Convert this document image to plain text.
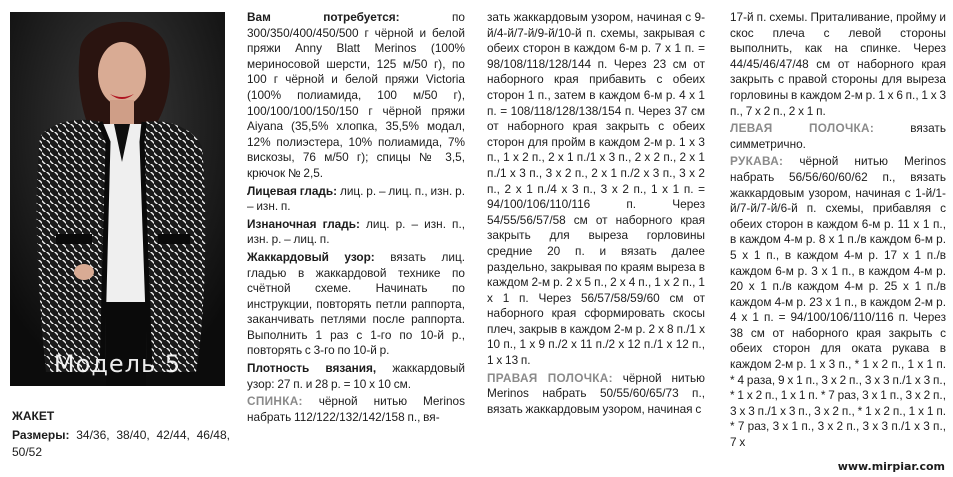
Модель 5

ЖАКЕТ

Размеры: 34/36, 38/40, 42/44, 46/48, 50/52

Вам потребуется:	по 300/350/400/450/500 г чёрной и белой пряжи Anny Blatt Merinos (100% мериносовой шерсти, 125 м/50 г), по 100 г чёрной и белой пряжи Victoria (100% полиамида, 100 м/50 г), 100/100/100/150/150 г чёрной пряжи Aiyana (35,5% хлопка, 35,5% модал, 12% полиэстера, 10% полиамида, 7% вискозы, 76 м/50 г); спицы № 3,5, крючок № 2,5.

Лицевая гладь: лиц. р. – лиц. п., изн. р. – изн. п.

Изнаночная гладь: лиц. р. – изн. п., изн. р. – лиц. п.

Жаккардовый узор: вязать лиц. гладью в жаккардовой технике по счётной схеме. Начинать по инструкции, повторять петли раппорта, заканчивать петлями после раппорта. Выполнить 1 раз с 1-го по 10-й р., повторять с 3-го по 10-й р.

Плотность вязания, жаккардовый узор: 27 п. и 28 р. = 10 х 10 см.

СПИНКА: чёрной нитью Merinos набрать 112/122/132/142/158 п., вя-

зать жаккардовым узором, начиная с 9-й/4-й/7-й/9-й/10-й п. схемы, закрывая с обеих сторон в каждом 6-м р. 7 х 1 п. = 98/108/118/128/144 п. Через 23 см от наборного края прибавить с обеих сторон 1 п., затем в каждом 6-м р. 4 х 1 п. = 108/118/128/138/154 п. Через 37 см от наборного края закрыть с обеих сторон для пройм в каждом 2-м р. 1 х 3 п., 1 х 2 п., 2 х 1 п./1 х 3 п., 2 х 2 п., 2 х 1 п./1 х 3 п., 3 х 2 п., 2 х 1 п./2 х 3 п., 3 х 2 п., 2 х 1 п./4 х 3 п., 3 х 2 п., 1 х 1 п. = 94/100/106/110/116 п. Через 54/55/56/57/58 см от наборного края закрыть для выреза горловины средние 20 п. и вязать далее раздельно, закрывая по краям выреза в каждом 2-м р. 2 х 5 п., 2 х 4 п., 1 х 2 п., 1 х 1 п. Через 56/57/58/59/60 см от наборного края сформировать скосы плеч, закрыв в каждом 2-м р. 2 х 8 п./1 х 10 п., 1 х 9 п./2 х 11 п./2 х 12 п./1 х 12 п., 1 х 13 п.

ПРАВАЯ ПОЛОЧКА: чёрной нитью Merinos набрать 50/55/60/65/73 п., вязать жаккардовым узором, начиная с

17-й п. схемы. Приталивание, пройму и скос плеча с левой стороны выполнить, как на спинке. Через 44/45/46/47/48 см от наборного края закрыть с правой стороны для выреза горловины в каждом 2-м р. 1 х 6 п., 1 х 3 п., 7 х 2 п., 2 х 1 п.

ЛЕВАЯ ПОЛОЧКА:	вязать симметрично.

РУКАВА: чёрной нитью Merinos набрать 56/56/60/60/62 п., вязать жаккардовым узором, начиная с 1-й/1-й/7-й/7-й/6-й п. схемы, прибавляя с обеих сторон в каждом 6-м р. 11 х 1 п., в каждом 4-м р. 8 х 1 п./в каждом 6-м р. 5 х 1 п., в каждом 4-м р. 17 х 1 п./в каждом 6-м р. 3 х 1 п., в каждом 4-м р. 20 х 1 п./в каждом 4-м р. 25 х 1 п./в каждом 4-м р. 23 х 1 п., в каждом 2-м р. 4 х 1 п. = 94/100/106/110/116 п. Через 38 см от наборного края закрыть с обеих сторон для оката рукава в каждом 2-м р. 1 х 3 п., * 1 х 2 п., 1 х 1 п. * 4 раза, 9 х 1 п., 3 х 2 п., 3 х 3 п./1 х 3 п., * 1 х 2 п., 1 х 1 п. * 7 раз, 3 х 1 п., 3 х 2 п., 3 х 3 п./1 х 3 п., 3 х 2 п., * 1 х 2 п., 1 х 1 п. * 7 раз, 3 х 1 п., 3 х 2 п., 3 х 3 п./1 х 3 п., 7 х

www.mirpiar.com
